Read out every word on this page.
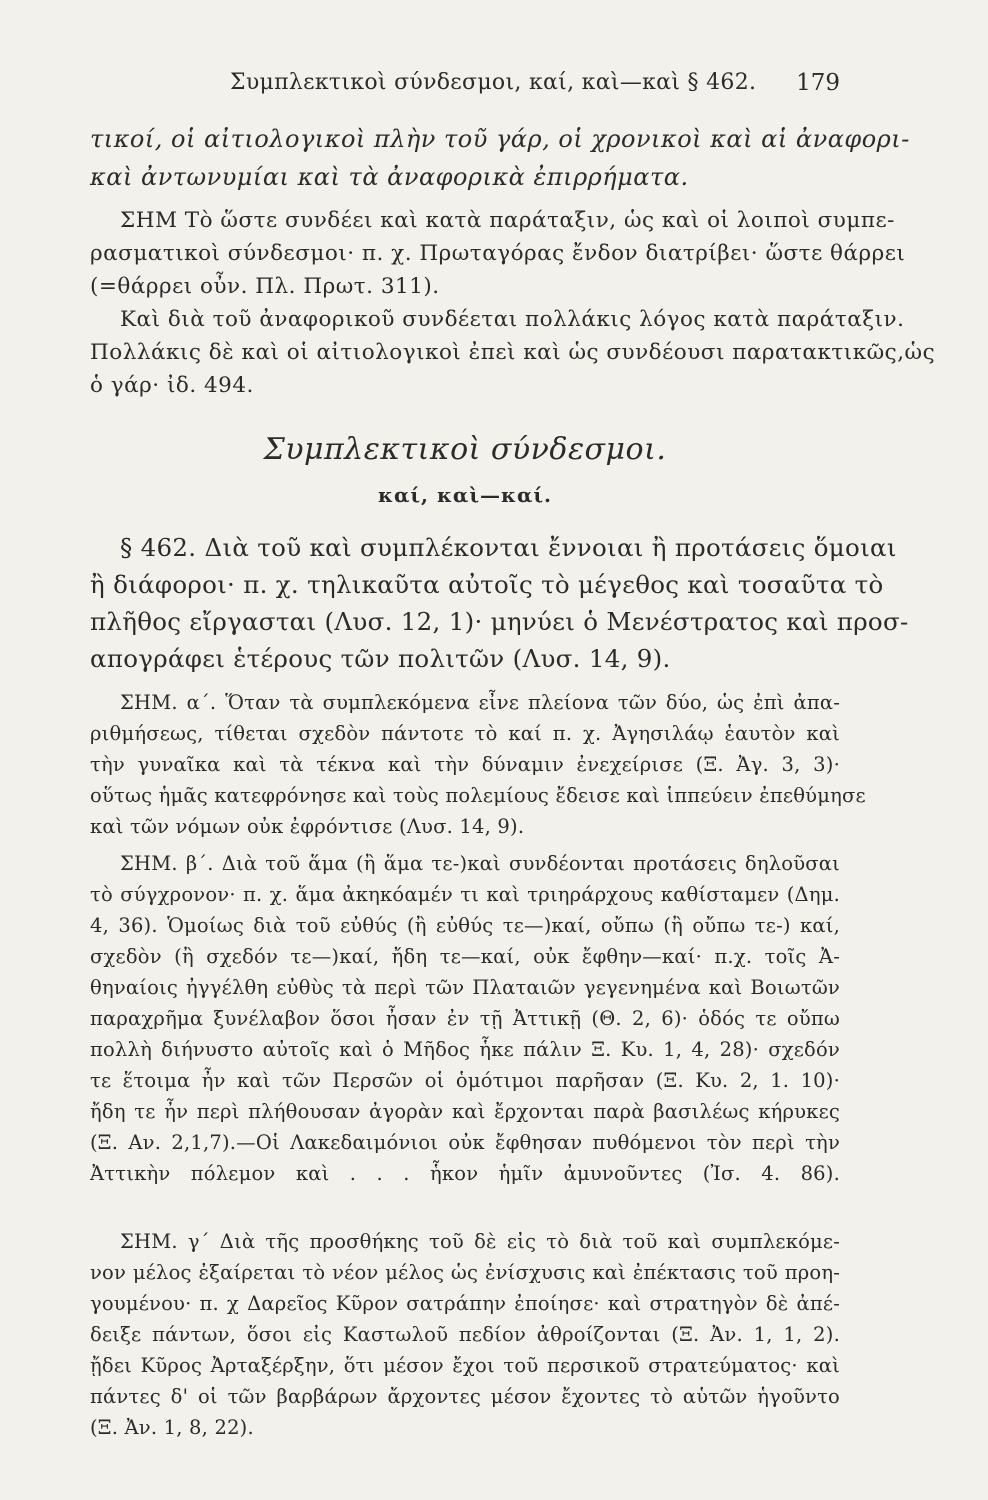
Συμπλεκτικοὶ σύνδεσμοι, καί, καὶ—καὶ § 462. 179
τικοί, οἱ αἰτιολογικοὶ πλὴν τοῦ γάρ, οἱ χρονικοὶ καὶ αἱ ἀναφορι-
καὶ ἀντωνυμίαι καὶ τὰ ἀναφορικὰ ἐπιρρήματα.
ΣΗΜ Τὸ ὥστε συνδέει καὶ κατὰ παράταξιν, ὡς καὶ οἱ λοιποὶ συμπε-
ρασματικοὶ σύνδεσμοι· π. χ. Πρωταγόρας ἔνδον διατρίβει· ὥστε θάρρει
(=θάρρει οὖν. Πλ. Πρωτ. 311).
Καὶ διὰ τοῦ ἀναφορικοῦ συνδέεται πολλάκις λόγος κατὰ παράταξιν.
Πολλάκις δὲ καὶ οἱ αἰτιολογικοὶ ἐπεὶ καὶ ὡς συνδέουσι παρατακτικῶς,ὡς
ὁ γάρ· ἰδ. 494.
Συμπλεκτικοὶ σύνδεσμοι.
καί, καὶ—καί.
§ 462. Διὰ τοῦ καὶ συμπλέκονται ἔννοιαι ἢ προτάσεις ὅμοιαι
ἢ διάφοροι· π. χ. τηλικαῦτα αὐτοῖς τὸ μέγεθος καὶ τοσαῦτα τὸ
πλῆθος εἴργασται (Λυσ. 12, 1)· μηνύει ὁ Μενέστρατος καὶ προσ-
απογράφει ἑτέρους τῶν πολιτῶν (Λυσ. 14, 9).
ΣΗΜ. α΄. Ὅταν τὰ συμπλεκόμενα εἶνε πλείονα τῶν δύο, ὡς ἐπὶ ἀπα-
ριθμήσεως, τίθεται σχεδὸν πάντοτε τὸ καί π. χ. Ἀγησιλάῳ ἑαυτὸν καὶ
τὴν γυναῖκα καὶ τὰ τέκνα καὶ τὴν δύναμιν ἐνεχείρισε (Ξ. Ἀγ. 3, 3)·
οὕτως ἡμᾶς κατεφρόνησε καὶ τοὺς πολεμίους ἔδεισε καὶ ἱππεύειν ἐπεθύμησε
καὶ τῶν νόμων οὐκ ἐφρόντισε (Λυσ. 14, 9).
ΣΗΜ. β΄. Διὰ τοῦ ἅμα (ἢ ἅμα τε-)καὶ συνδέονται προτάσεις δηλοῦσαι
τὸ σύγχρονον· π. χ. ἅμα ἀκηκόαμέν τι καὶ τριηράρχους καθίσταμεν (Δημ.
4, 36). Ὁμοίως διὰ τοῦ εὐθύς (ἢ εὐθύς τε—)καί, οὔπω (ἢ οὔπω τε-) καί,
σχεδὸν (ἢ σχεδόν τε—)καί, ἤδη τε—καί, οὐκ ἔφθην—καί· π.χ. τοῖς Ἀ-
θηναίοις ἠγγέλθη εὐθὺς τὰ περὶ τῶν Πλαταιῶν γεγενημένα καὶ Βοιωτῶν
παραχρῆμα ξυνέλαβον ὅσοι ἦσαν ἐν τῇ Ἀττικῇ (Θ. 2, 6)· ὁδός τε οὔπω
πολλὴ διήνυστο αὐτοῖς καὶ ὁ Μῆδος ἧκε πάλιν Ξ. Κυ. 1, 4, 28)· σχεδόν
τε ἕτοιμα ἦν καὶ τῶν Περσῶν οἱ ὁμότιμοι παρῆσαν (Ξ. Κυ. 2, 1. 10)·
ἤδη τε ἦν περὶ πλήθουσαν ἀγορὰν καὶ ἔρχονται παρὰ βασιλέως κήρυκες
(Ξ. Αν. 2,1,7).—Οἱ Λακεδαιμόνιοι οὐκ ἔφθησαν πυθόμενοι τὸν περὶ τὴν
Ἀττικὴν πόλεμον καὶ . . . ἧκον ἡμῖν ἀμυνοῦντες (Ἰσ. 4. 86).
ΣΗΜ. γ΄ Διὰ τῆς προσθήκης τοῦ δὲ εἰς τὸ διὰ τοῦ καὶ συμπλεκόμε-
νον μέλος ἐξαίρεται τὸ νέον μέλος ὡς ἐνίσχυσις καὶ ἐπέκτασις τοῦ προη-
γουμένου· π. χ Δαρεῖος Κῦρον σατράπην ἐποίησε· καὶ στρατηγὸν δὲ ἀπέ-
δειξε πάντων, ὅσοι εἰς Καστωλοῦ πεδίον ἀθροίζονται (Ξ. Ἀν. 1, 1, 2).
ᾔδει Κῦρος Ἀρταξέρξην, ὅτι μέσον ἔχοι τοῦ περσικοῦ στρατεύματος· καὶ
πάντες δ' οἱ τῶν βαρβάρων ἄρχοντες μέσον ἔχοντες τὸ αὑτῶν ἡγοῦντο
(Ξ. Ἀν. 1, 8, 22).
